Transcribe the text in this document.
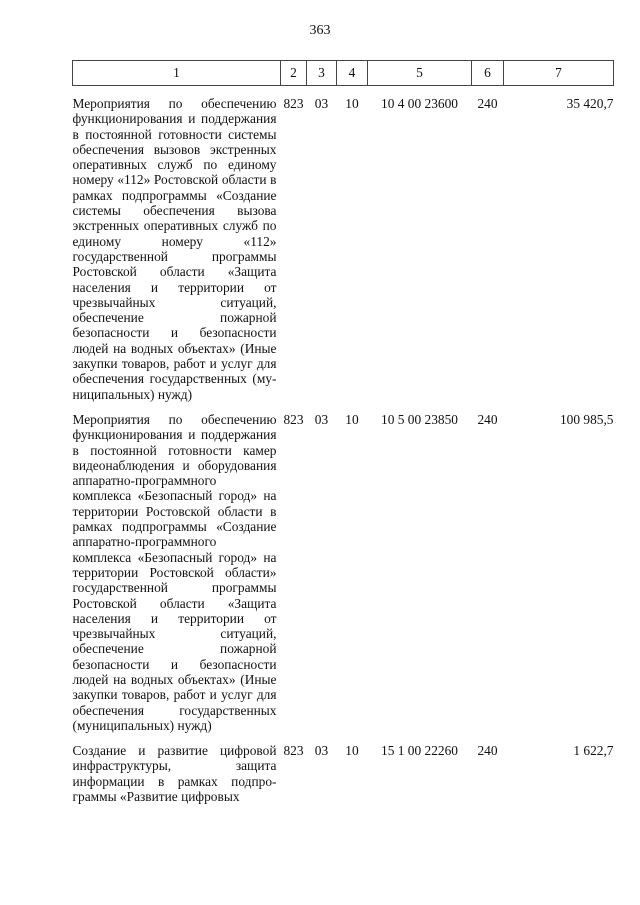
363
1	2	3	4	5	6	7

Мероприятия по обеспечению функционирования и поддержания в постоянной готовности системы обеспечения вызовов экстренных оперативных служб по единому номеру «112» Ростовской области в рамках подпрограммы «Создание системы обеспечения вызова экстренных оперативных служб по единому номеру «112» государственной программы Ростовской области «Защита населения и территории от чрезвычайных ситуаций, обеспечение пожарной безопасности и безопасности людей на водных объектах» (Иные закупки товаров, работ и услуг для обеспечения государственных (муниципальных) нужд)	823	03	10	10 4 00 23600	240	35 420,7

Мероприятия по обеспечению функционирования и поддержания в постоянной готовности камер видеонаблюдения и оборудования аппаратно-программного комплекса «Безопасный город» на территории Ростовской области в рамках подпрограммы «Создание аппаратно-программного комплекса «Безопасный город» на территории Ростовской области» государственной программы Ростовской области «Защита населения и территории от чрезвычайных ситуаций, обеспечение пожарной безопасности и безопасности людей на водных объектах» (Иные закупки товаров, работ и услуг для обеспечения государственных (муниципальных) нужд)	823	03	10	10 5 00 23850	240	100 985,5

Создание и развитие цифровой инфраструктуры, защита информации в рамках подпрограммы «Развитие цифровых	823	03	10	15 1 00 22260	240	1 622,7
